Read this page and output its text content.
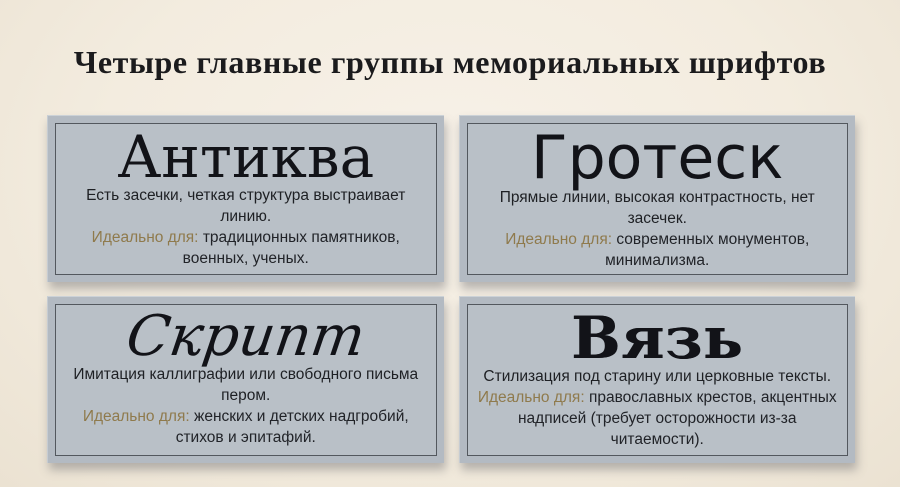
Четыре главные группы мемориальных шрифтов
Антиква
Есть засечки, четкая структура выстраивает линию.
Идеально для: традиционных памятников, военных, ученых.
Гротеск
Прямые линии, высокая контрастность, нет засечек.
Идеально для: современных монументов, минимализма.
Скрипт
Имитация каллиграфии или свободного письма пером.
Идеально для: женских и детских надгробий, стихов и эпитафий.
Вязь
Стилизация под старину или церковные тексты.
Идеально для: православных крестов, акцентных надписей (требует осторожности из-за читаемости).
